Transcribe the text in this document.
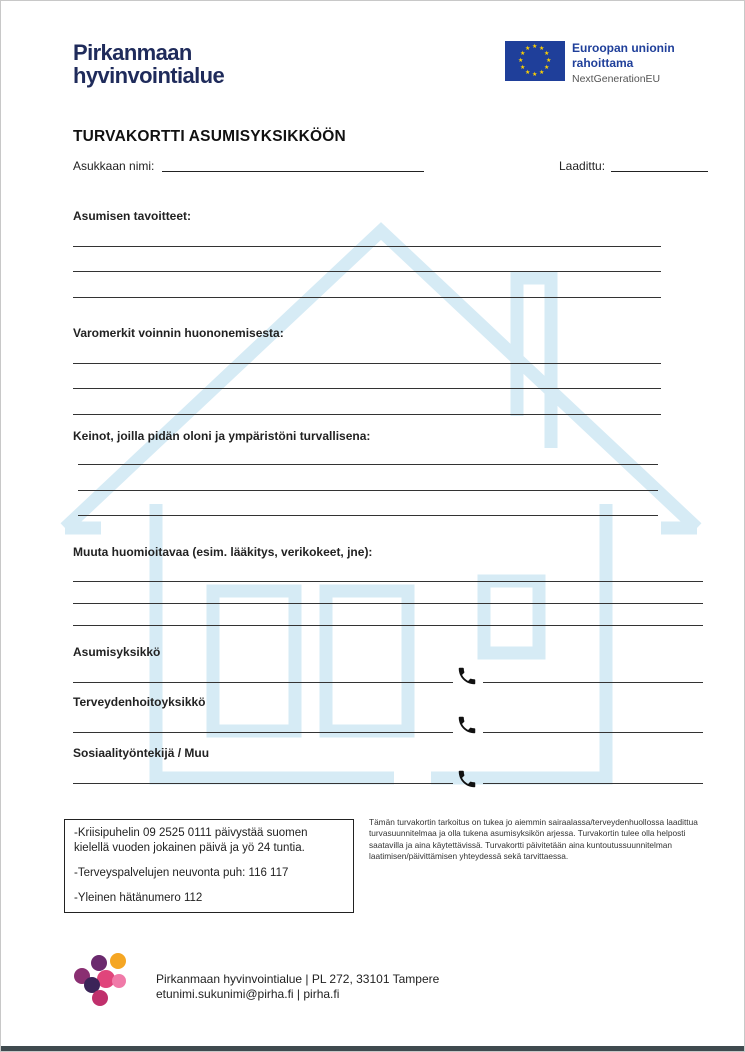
Pirkanmaan
hyvinvointialue
★ ★
★
★
★
★
★
★
★
★
★
★	Euroopan unionin
rahoittama
NextGenerationEU
TURVAKORTTI ASUMISYKSIKKÖÖN
Asukkaan nimi:	Laadittu:
Asumisen tavoitteet:
Varomerkit voinnin huononemisesta:
Keinot, joilla pidän oloni ja ympäristöni turvallisena:
Muuta huomioitavaa (esim. lääkitys, verikokeet, jne):
Asumisyksikkö
Terveydenhoitoyksikkö
Sosiaalityöntekijä / Muu

-Kriisipuhelin 09 2525 0111 päivystää suomen kielellä vuoden jokainen päivä ja yö 24 tuntia.

-Terveyspalvelujen neuvonta puh: 116 117

-Yleinen hätänumero 112

Tämän turvakortin tarkoitus on tukea jo aiemmin sairaalassa/terveydenhuollossa laadittua turvasuunnitelmaa ja olla tukena asumisyksikön arjessa. Turvakortin tulee olla helposti saatavilla ja aina käytettävissä. Turvakortti päivitetään aina kuntoutussuunnitelman laatimisen/päivittämisen yhteydessä sekä tarvittaessa.
Pirkanmaan hyvinvointialue | PL 272, 33101 Tampere
etunimi.sukunimi@pirha.fi | pirha.fi
